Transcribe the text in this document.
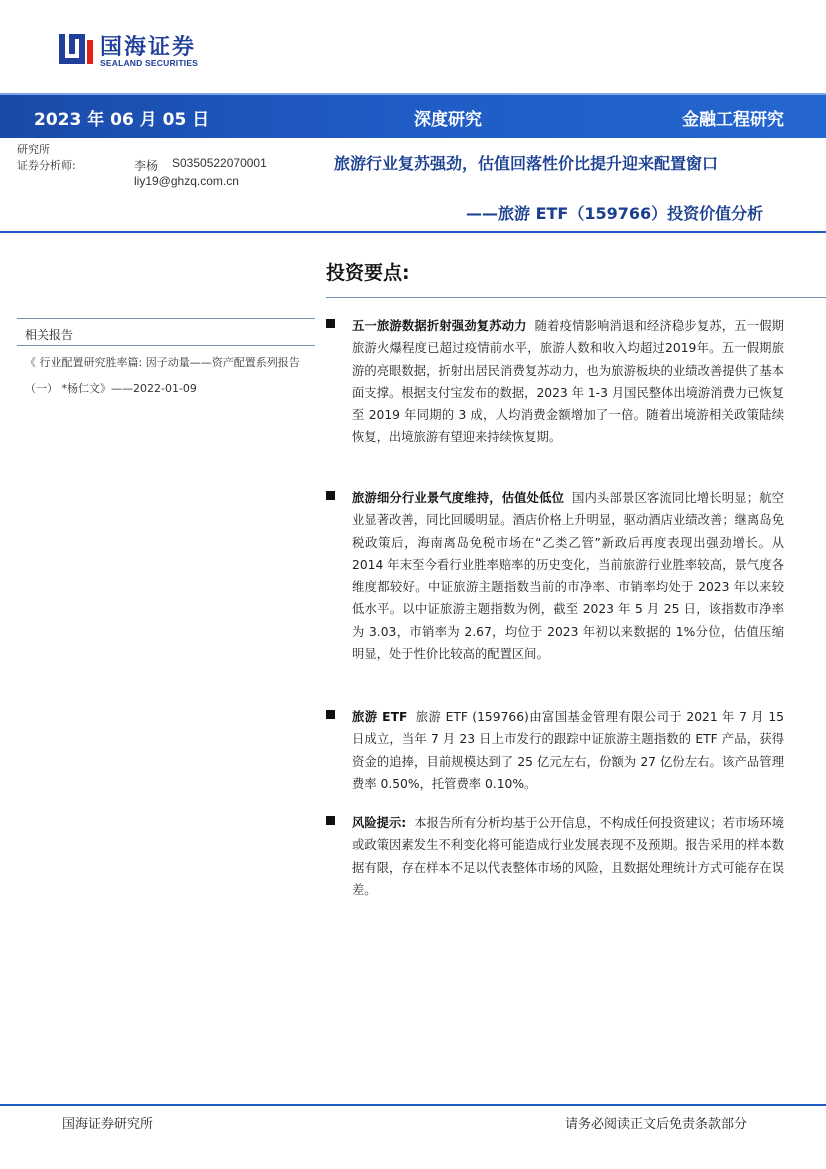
国海证券
SEALAND SECURITIES
2023 年 06 月 05 日	深度研究	金融工程研究
研究所
证券分析师:	李杨 S0350522070001
liy19@ghzq.com.cn
旅游行业复苏强劲，估值回落性价比提升迎来配置窗口
——旅游 ETF（159766）投资价值分析
投资要点:
相关报告
《 行业配置研究胜率篇: 因子动量——资产配置系列报告（一） *杨仁文》——2022-01-09
五一旅游数据折射强劲复苏动力 随着疫情影响消退和经济稳步复苏，五一假期旅游火爆程度已超过疫情前水平，旅游人数和收入均超过2019年。五一假期旅游的亮眼数据，折射出居民消费复苏动力，也为旅游板块的业绩改善提供了基本面支撑。根据支付宝发布的数据，2023 年 1-3 月国民整体出境游消费力已恢复至 2019 年同期的 3 成，人均消费金额增加了一倍。随着出境游相关政策陆续恢复，出境旅游有望迎来持续恢复期。
旅游细分行业景气度维持，估值处低位 国内头部景区客流同比增长明显；航空业显著改善，同比回暖明显。酒店价格上升明显，驱动酒店业绩改善；继离岛免税政策后，海南离岛免税市场在“乙类乙管”新政后再度表现出强劲增长。从 2014 年末至今看行业胜率赔率的历史变化，当前旅游行业胜率较高，景气度各维度都较好。中证旅游主题指数当前的市净率、市销率均处于 2023 年以来较低水平。以中证旅游主题指数为例，截至 2023 年 5 月 25 日，该指数市净率为 3.03，市销率为 2.67，均位于 2023 年初以来数据的 1%分位，估值压缩明显，处于性价比较高的配置区间。
旅游 ETF 旅游 ETF (159766)由富国基金管理有限公司于 2021 年 7 月 15 日成立，当年 7 月 23 日上市发行的跟踪中证旅游主题指数的 ETF 产品，获得资金的追捧，目前规模达到了 25 亿元左右，份额为 27 亿份左右。该产品管理费率 0.50%，托管费率 0.10%。
风险提示: 本报告所有分析均基于公开信息，不构成任何投资建议；若市场环境或政策因素发生不利变化将可能造成行业发展表现不及预期。报告采用的样本数据有限，存在样本不足以代表整体市场的风险，且数据处理统计方式可能存在误差。
国海证券研究所	请务必阅读正文后免责条款部分
